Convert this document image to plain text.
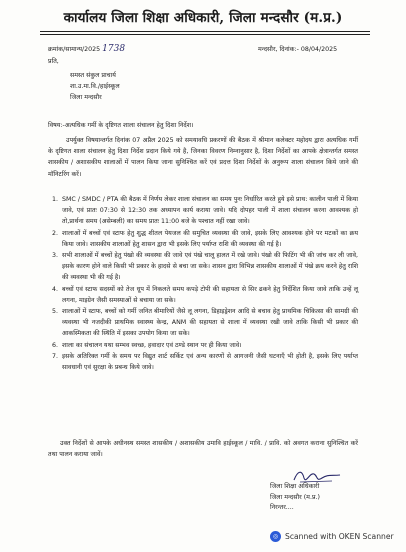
कार्यालय जिला शिक्षा अधिकारी, जिला मन्दसौर (म.प्र.)
क्रमांक/सामान्य/2025 1738	मन्दसौर, दिनांक:- 08/04/2025
प्रति,
समस्त संकुल प्राचार्य
शा.उ.मा.वि./हाईस्कूल
जिला मन्दसौर
विषय:-अत्यधिक गर्मी के दृष्टिगत शाला संचालन हेतु दिशा निर्देश।

उपर्युक्त विषयान्तर्गत दिनांक 07 अप्रैल 2025 को समयावधि प्रकरणों की बैठक में श्रीमान कलेक्टर महोदय द्वारा अत्यधिक गर्मी के दृष्टिगत शाला संचालन हेतु दिशा निर्देश प्रदान किये गये है, जिनका विवरण निम्नानुसार है, दिशा निर्देशों का आपके क्षेत्रान्तर्गत समस्त शासकीय / अशासकीय शालाओं में पालन किया जाना सुनिश्चित करें एवं प्रदत्त दिशा निर्देशों के अनुरूप शाला संचालन किये जाने की मॉनिटरिंग करें।

1. SMC / SMDC / PTA की बैठक में निर्णय लेकर शाला संचालन का समय पुनः निर्धारित करते हुये इसे प्राथ: कालीन पाली में किया जावे, एवं प्रातः 07:30 से 12:30 तक अध्यापन कार्य कराया जावे। यदि दोपहर पाली में शाला संचालन करना आवश्यक हो तो,प्रार्थना समय (असेम्बली) का समय प्रातः 11:00 बजे के पश्चात नहीं रखा जावे।
2. शालाओं में बच्चों एवं स्टाफ हेतु शुद्ध शीतल पेयजल की समुचित व्यवस्था की जावे, इसके लिए आवश्यक होने पर मटकों का क्रय किया जावे। शासकीय शालाओं हेतु शासन द्वारा भी इसके लिए पर्याप्त राशि की व्यवस्था की गई है।
3. सभी शालाओं में बच्चों हेतु पंखो की व्यवस्था की जावे एवं पंखे चालू हालत में रखे जावे। पंखो की फिटिंग भी की जांच कर ली जावे, इसके कारण होने वाले किसी भी प्रकार के हादसे से बचा जा सके। शासन द्वारा विभिन्न शासकीय शालाओं में पंखे क्रय करने हेतु राशि की व्यवस्था भी की गई है।
4. बच्चों एवं स्टाफ सदस्यों को तेज धूप में निकलते समय कपड़े टोपी की सहायता से सिर ढकने हेतु निर्देशित किया जावे ताकि उन्हें लू लगना, माइग्रेन जैसी समस्याओं से बचाया जा सके।
5. शालाओं में स्टाफ, बच्चों को गर्मी जनित बीमारियों जैसे लू लगना, डिहाइड्रेशन आदि से बचाव हेतु प्राथमिक चिकित्सा की सामग्री की व्यवस्था भी नजदीकी प्राथमिक स्वास्थ्य केन्द्र, ANM की सहायता से शाला में व्यवस्था रखी जावे ताकि किसी भी प्रकार की आकस्मिकता की स्थिति में इसका उपयोग किया जा सके।
6. शाला का संचालन यथा सम्भव स्वच्छ, हवादार एवं ठण्डे स्थान पर ही किया जावे।
7. इसके अतिरिक्त गर्मी के समय पर विद्युत शार्ट सर्किट एवं अन्य कारणों से आगजनी जैसी घटनाएँ भी होती है, इसके लिए पर्याप्त सावधानी एवं सुरक्षा के प्रबन्ध किये जावे।

उक्त निर्देशों से आपके अधीनस्थ समस्त शासकीय / अशासकीय उमावि हाईस्कूल / मावि. / प्रावि. को अवगत कराना सुनिश्चित करें तथा पालन कराया जावें।

जिला शिक्षा अधिकारी
जिला मन्दसौर (म.प्र.)
निरन्तर....
◎ Scanned with OKEN Scanner
